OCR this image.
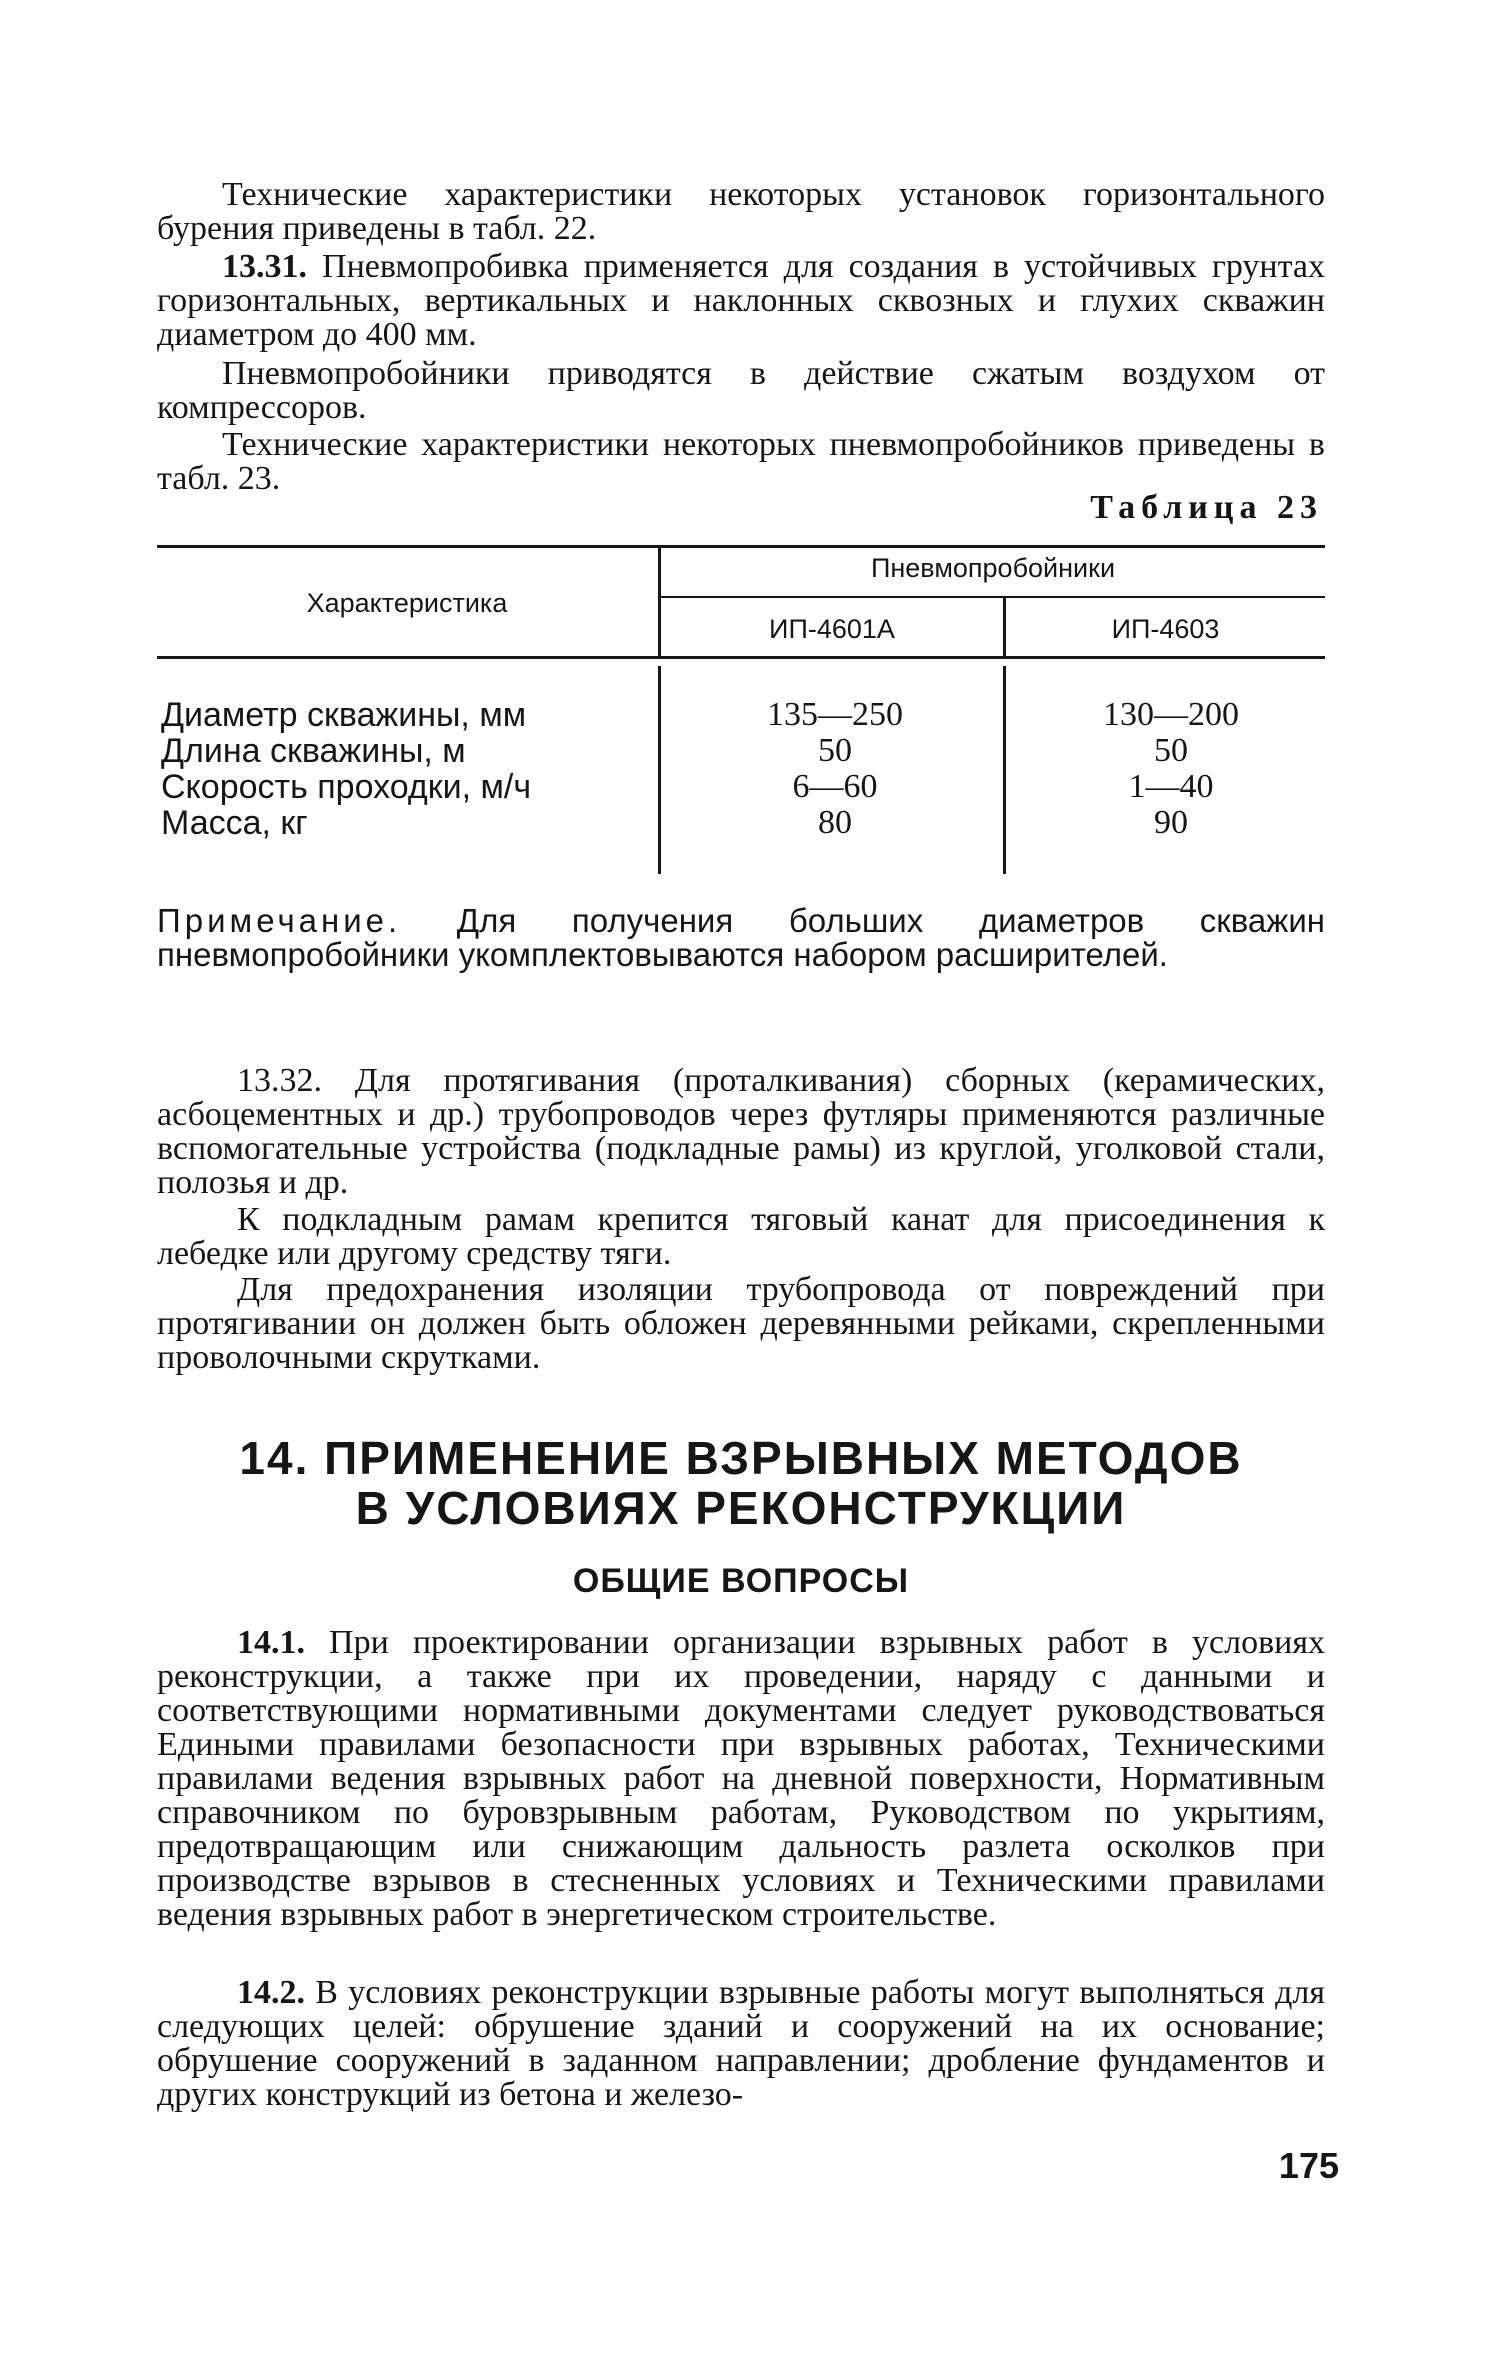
Технические характеристики некоторых установок горизонтального бурения приведены в табл. 22.

13.31. Пневмопробивка применяется для создания в устойчивых грунтах горизонтальных, вертикальных и наклонных сквозных и глухих скважин диаметром до 400 мм.

Пневмопробойники приводятся в действие сжатым воздухом от компрессоров.

Технические характеристики некоторых пневмопробойников приведены в табл. 23.

Таблица 23
Характеристика
Пневмопробойники
ИП-4601А	ИП-4603
Диаметр скважины, мм
Длина скважины, м
Скорость проходки, м/ч
Масса, кг
135—250
50
6—60
80
130—200
50
1—40
90

Примечание. Для получения больших диаметров скважин пневмопробойники укомплектовываются набором расширителей.

13.32. Для протягивания (проталкивания) сборных (керамических, асбоцементных и др.) трубопроводов через футляры применяются различные вспомогательные устройства (подкладные рамы) из круглой, уголковой стали, полозья и др.

К подкладным рамам крепится тяговый канат для присоединения к лебедке или другому средству тяги.

Для предохранения изоляции трубопровода от повреждений при протягивании он должен быть обложен деревянными рейками, скрепленными проволочными скрутками.

14. ПРИМЕНЕНИЕ ВЗРЫВНЫХ МЕТОДОВ
В УСЛОВИЯХ РЕКОНСТРУКЦИИ
ОБЩИЕ ВОПРОСЫ

14.1. При проектировании организации взрывных работ в условиях реконструкции, а также при их проведении, наряду с данными и соответствующими нормативными документами следует руководствоваться Едиными правилами безопасности при взрывных работах, Техническими правилами ведения взрывных работ на дневной поверхности, Нормативным справочником по буровзрывным работам, Руководством по укрытиям, предотвращающим или снижающим дальность разлета осколков при производстве взрывов в стесненных условиях и Техническими правилами ведения взрывных работ в энергетическом строительстве.

14.2. В условиях реконструкции взрывные работы могут выполняться для следующих целей: обрушение зданий и сооружений на их основание; обрушение сооружений в заданном направлении; дробление фундаментов и других конструкций из бетона и железо-

175
